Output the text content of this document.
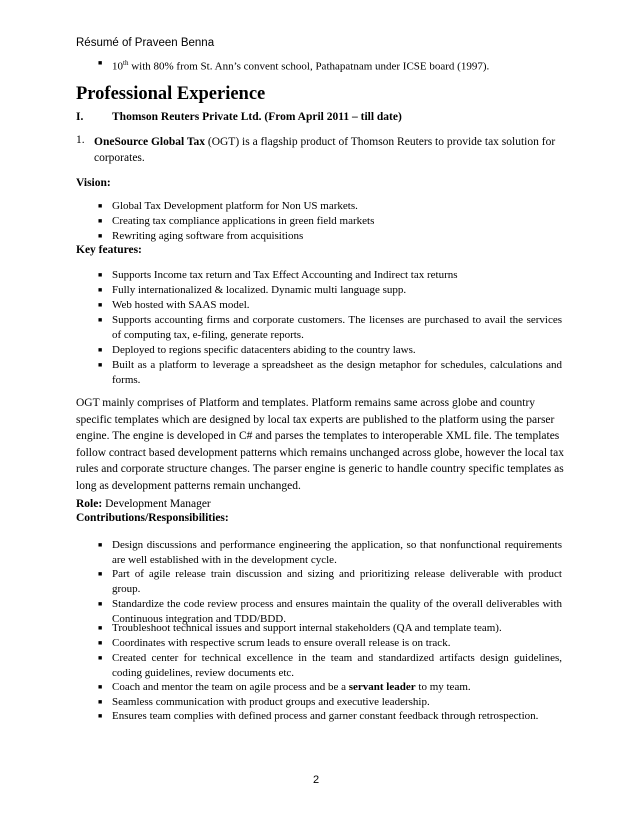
Résumé of Praveen Benna
■ 10th with 80% from St. Ann’s convent school, Pathapatnam under ICSE board (1997).
Professional Experience
I. Thomson Reuters Private Ltd. (From April 2011 – till date)
1. OneSource Global Tax (OGT) is a flagship product of Thomson Reuters to provide tax solution for corporates.
Vision:
■ Global Tax Development platform for Non US markets.
■ Creating tax compliance applications in green field markets
■ Rewriting aging software from acquisitions
Key features:
■ Supports Income tax return and Tax Effect Accounting and Indirect tax returns
■ Fully internationalized & localized. Dynamic multi language supp.
■ Web hosted with SAAS model.
■ Supports accounting firms and corporate customers. The licenses are purchased to avail the services of computing tax, e-filing, generate reports.
■ Deployed to regions specific datacenters abiding to the country laws.
■ Built as a platform to leverage a spreadsheet as the design metaphor for schedules, calculations and forms.
OGT mainly comprises of Platform and templates. Platform remains same across globe and country specific templates which are designed by local tax experts are published to the platform using the parser engine. The engine is developed in C# and parses the templates to interoperable XML file. The templates follow contract based development patterns which remains unchanged across globe, however the local tax rules and corporate structure changes. The parser engine is generic to handle country specific templates as long as development patterns remain unchanged.
Role: Development Manager
Contributions/Responsibilities:
■ Design discussions and performance engineering the application, so that nonfunctional requirements are well established with in the development cycle.
■ Part of agile release train discussion and sizing and prioritizing release deliverable with product group.
■ Standardize the code review process and ensures maintain the quality of the overall deliverables with Continuous integration and TDD/BDD.
■ Troubleshoot technical issues and support internal stakeholders (QA and template team).
■ Coordinates with respective scrum leads to ensure overall release is on track.
■ Created center for technical excellence in the team and standardized artifacts design guidelines, coding guidelines, review documents etc.
■ Coach and mentor the team on agile process and be a servant leader to my team.
■ Seamless communication with product groups and executive leadership.
■ Ensures team complies with defined process and garner constant feedback through retrospection.
2
